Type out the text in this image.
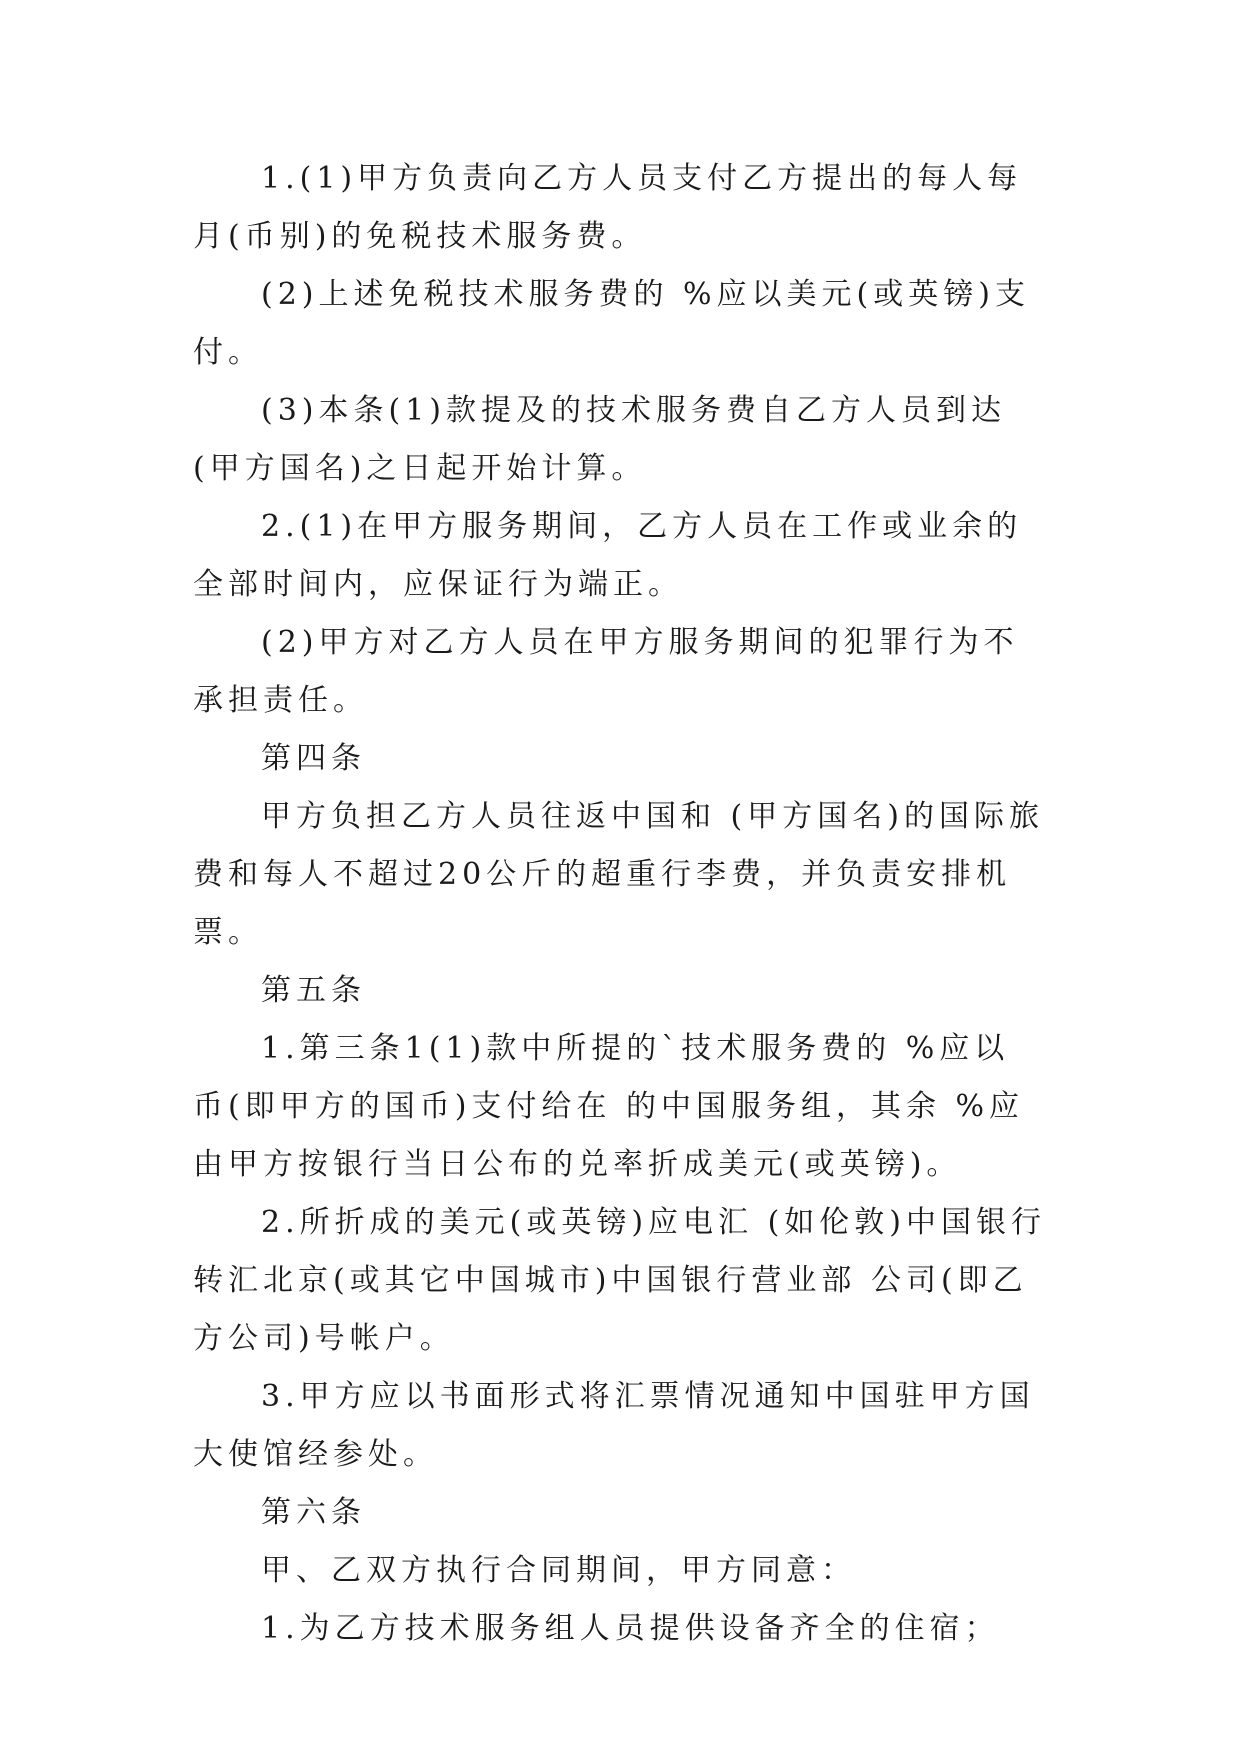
1.(1)甲方负责向乙方人员支付乙方提出的每人每月(币别)的免税技术服务费。

(2)上述免税技术服务费的 %应以美元(或英镑)支付。

(3)本条(1)款提及的技术服务费自乙方人员到达 (甲方国名)之日起开始计算。

2.(1)在甲方服务期间，乙方人员在工作或业余的全部时间内，应保证行为端正。

(2)甲方对乙方人员在甲方服务期间的犯罪行为不承担责任。

第四条

甲方负担乙方人员往返中国和 (甲方国名)的国际旅费和每人不超过20公斤的超重行李费，并负责安排机票。

第五条

1.第三条1(1)款中所提的`技术服务费的 %应以 币(即甲方的国币)支付给在 的中国服务组，其余 %应由甲方按银行当日公布的兑率折成美元(或英镑)。

2.所折成的美元(或英镑)应电汇 (如伦敦)中国银行转汇北京(或其它中国城市)中国银行营业部 公司(即乙方公司)号帐户。

3.甲方应以书面形式将汇票情况通知中国驻甲方国大使馆经参处。

第六条

甲、乙双方执行合同期间，甲方同意：

1.为乙方技术服务组人员提供设备齐全的住宿；
